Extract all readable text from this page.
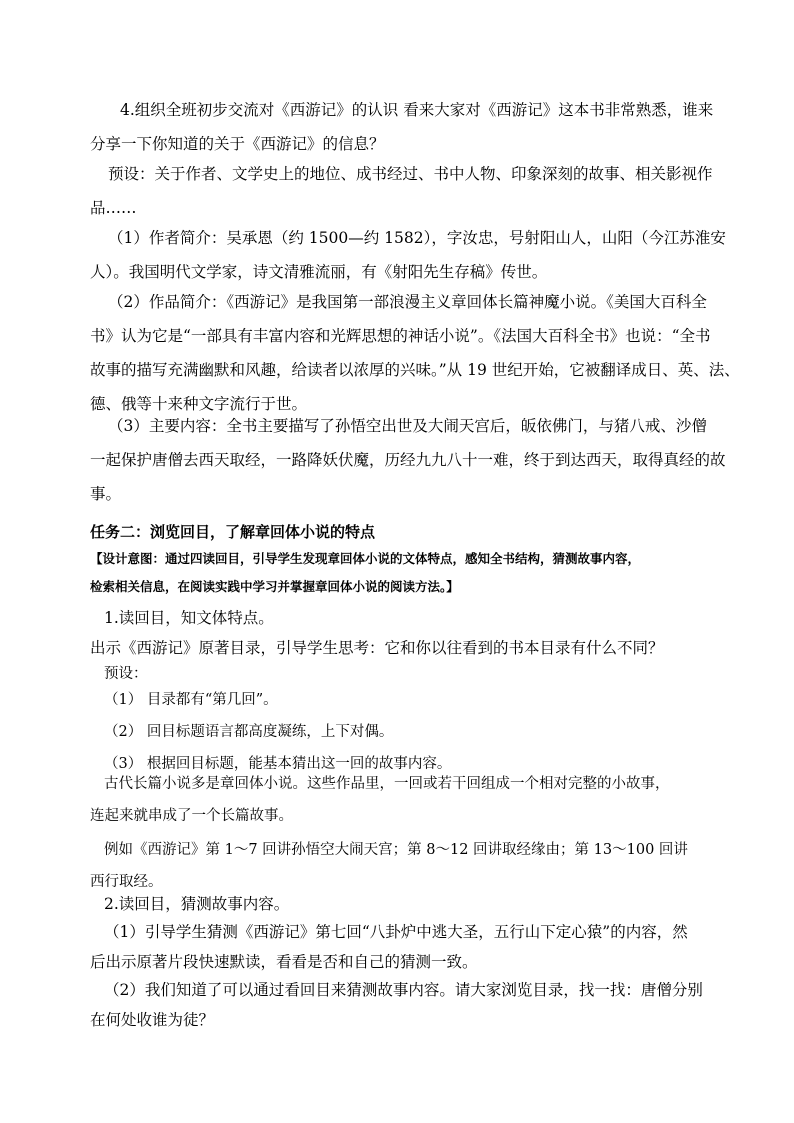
4.组织全班初步交流对《西游记》的认识 看来大家对《西游记》这本书非常熟悉，谁来
分享一下你知道的关于《西游记》的信息？

预设：关于作者、文学史上的地位、成书经过、书中人物、印象深刻的故事、相关影视作
品……

（1）作者简介：吴承恩（约 1500—约 1582），字汝忠，号射阳山人，山阳（今江苏淮安
人）。我国明代文学家，诗文清雅流丽，有《射阳先生存稿》传世。

（2）作品简介：《西游记》是我国第一部浪漫主义章回体长篇神魔小说。《美国大百科全
书》认为它是“一部具有丰富内容和光辉思想的神话小说”。《法国大百科全书》也说：“全书
故事的描写充满幽默和风趣，给读者以浓厚的兴味。”从 19 世纪开始，它被翻译成日、英、法、
德、俄等十来种文字流行于世。

（3）主要内容：全书主要描写了孙悟空出世及大闹天宫后，皈依佛门，与猪八戒、沙僧
一起保护唐僧去西天取经，一路降妖伏魔，历经九九八十一难，终于到达西天，取得真经的故
事。

任务二：浏览回目，了解章回体小说的特点

【设计意图：通过四读回目，引导学生发现章回体小说的文体特点，感知全书结构，猜测故事内容，
检索相关信息，在阅读实践中学习并掌握章回体小说的阅读方法。】

1.读回目，知文体特点。

出示《西游记》原著目录，引导学生思考：它和你以往看到的书本目录有什么不同？

预设：

（1） 目录都有“第几回”。
（2） 回目标题语言都高度凝练，上下对偶。
（3） 根据回目标题，能基本猜出这一回的故事内容。

古代长篇小说多是章回体小说。这些作品里，一回或若干回组成一个相对完整的小故事，
连起来就串成了一个长篇故事。

例如《西游记》第 1～7 回讲孙悟空大闹天宫；第 8～12 回讲取经缘由；第 13～100 回讲
西行取经。

2.读回目，猜测故事内容。

（1）引导学生猜测《西游记》第七回“八卦炉中逃大圣，五行山下定心猿”的内容，然
后出示原著片段快速默读，看看是否和自己的猜测一致。

（2）我们知道了可以通过看回目来猜测故事内容。请大家浏览目录，找一找：唐僧分别
在何处收谁为徒？
